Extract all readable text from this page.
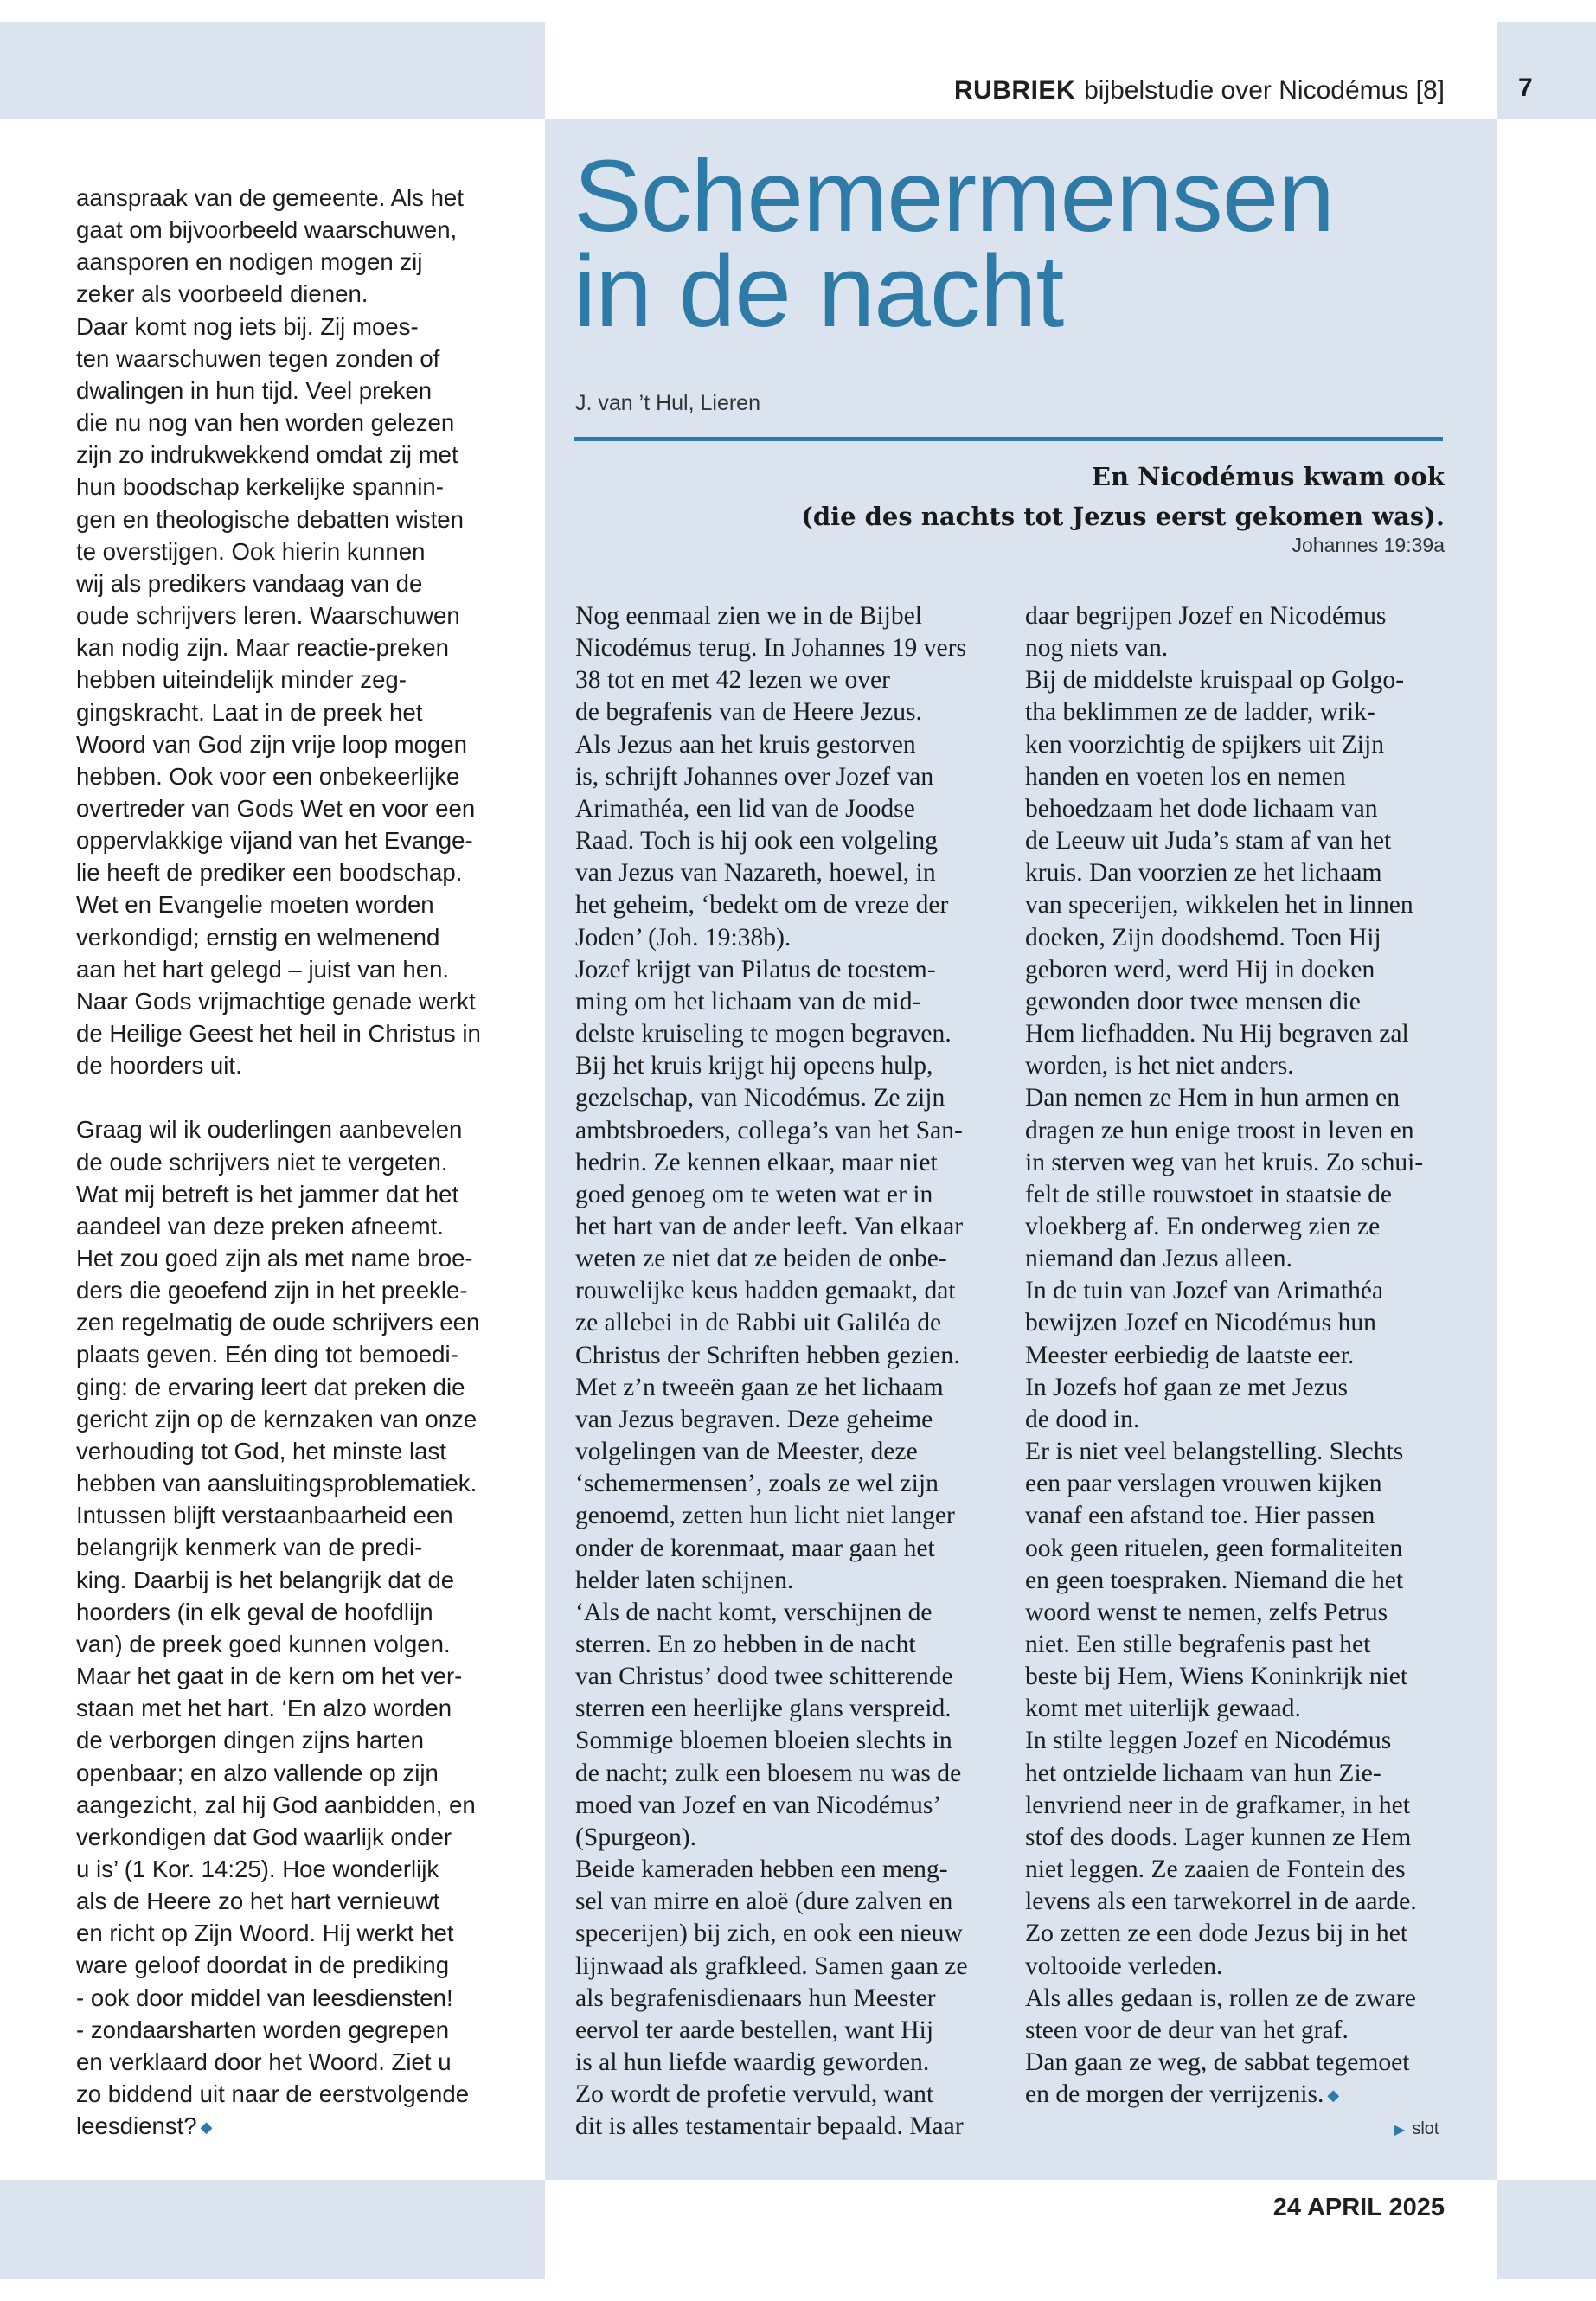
RUBRIEK bijbelstudie over Nicodémus [8]	7

aanspraak van de gemeente. Als het
gaat om bijvoorbeeld waarschuwen,
aansporen en nodigen mogen zij
zeker als voorbeeld dienen.
Daar komt nog iets bij. Zij moes-
ten waarschuwen tegen zonden of
dwalingen in hun tijd. Veel preken
die nu nog van hen worden gelezen
zijn zo indrukwekkend omdat zij met
hun boodschap kerkelijke spannin-
gen en theologische debatten wisten
te overstijgen. Ook hierin kunnen
wij als predikers vandaag van de
oude schrijvers leren. Waarschuwen
kan nodig zijn. Maar reactie-preken
hebben uiteindelijk minder zeg-
gingskracht. Laat in de preek het
Woord van God zijn vrije loop mogen
hebben. Ook voor een onbekeerlijke
overtreder van Gods Wet en voor een
oppervlakkige vijand van het Evange-
lie heeft de prediker een boodschap.
Wet en Evangelie moeten worden
verkondigd; ernstig en welmenend
aan het hart gelegd – juist van hen.
Naar Gods vrijmachtige genade werkt
de Heilige Geest het heil in Christus in
de hoorders uit.

Graag wil ik ouderlingen aanbevelen
de oude schrijvers niet te vergeten.
Wat mij betreft is het jammer dat het
aandeel van deze preken afneemt.
Het zou goed zijn als met name broe-
ders die geoefend zijn in het preekle-
zen regelmatig de oude schrijvers een
plaats geven. Eén ding tot bemoedi-
ging: de ervaring leert dat preken die
gericht zijn op de kernzaken van onze
verhouding tot God, het minste last
hebben van aansluitingsproblematiek.
Intussen blijft verstaanbaarheid een
belangrijk kenmerk van de predi-
king. Daarbij is het belangrijk dat de
hoorders (in elk geval de hoofdlijn
van) de preek goed kunnen volgen.
Maar het gaat in de kern om het ver-
staan met het hart. ‘En alzo worden
de verborgen dingen zijns harten
openbaar; en alzo vallende op zijn
aangezicht, zal hij God aanbidden, en
verkondigen dat God waarlijk onder
u is’ (1 Kor. 14:25). Hoe wonderlijk
als de Heere zo het hart vernieuwt
en richt op Zijn Woord. Hij werkt het
ware geloof doordat in de prediking
- ook door middel van leesdiensten!
- zondaarsharten worden gegrepen
en verklaard door het Woord. Ziet u
zo biddend uit naar de eerstvolgende
leesdienst? ◆

Schemermensen
in de nacht
J. van ’t Hul, Lieren
En Nicodémus kwam ook
(die des nachts tot Jezus eerst gekomen was).
Johannes 19:39a
Nog eenmaal zien we in de Bijbel
Nicodémus terug. In Johannes 19 vers
38 tot en met 42 lezen we over
de begrafenis van de Heere Jezus.
Als Jezus aan het kruis gestorven
is, schrijft Johannes over Jozef van
Arimathéa, een lid van de Joodse
Raad. Toch is hij ook een volgeling
van Jezus van Nazareth, hoewel, in
het geheim, ‘bedekt om de vreze der
Joden’ (Joh. 19:38b).
Jozef krijgt van Pilatus de toestem-
ming om het lichaam van de mid-
delste kruiseling te mogen begraven.
Bij het kruis krijgt hij opeens hulp,
gezelschap, van Nicodémus. Ze zijn
ambtsbroeders, collega’s van het San-
hedrin. Ze kennen elkaar, maar niet
goed genoeg om te weten wat er in
het hart van de ander leeft. Van elkaar
weten ze niet dat ze beiden de onbe-
rouwelijke keus hadden gemaakt, dat
ze allebei in de Rabbi uit Galiléa de
Christus der Schriften hebben gezien.
Met z’n tweeën gaan ze het lichaam
van Jezus begraven. Deze geheime
volgelingen van de Meester, deze
‘schemermensen’, zoals ze wel zijn
genoemd, zetten hun licht niet langer
onder de korenmaat, maar gaan het
helder laten schijnen.
‘Als de nacht komt, verschijnen de
sterren. En zo hebben in de nacht
van Christus’ dood twee schitterende
sterren een heerlijke glans verspreid.
Sommige bloemen bloeien slechts in
de nacht; zulk een bloesem nu was de
moed van Jozef en van Nicodémus’
(Spurgeon).
Beide kameraden hebben een meng-
sel van mirre en aloë (dure zalven en
specerijen) bij zich, en ook een nieuw
lijnwaad als grafkleed. Samen gaan ze
als begrafenisdienaars hun Meester
eervol ter aarde bestellen, want Hij
is al hun liefde waardig geworden.
Zo wordt de profetie vervuld, want
dit is alles testamentair bepaald. Maar
daar begrijpen Jozef en Nicodémus
nog niets van.
Bij de middelste kruispaal op Golgo-
tha beklimmen ze de ladder, wrik-
ken voorzichtig de spijkers uit Zijn
handen en voeten los en nemen
behoedzaam het dode lichaam van
de Leeuw uit Juda’s stam af van het
kruis. Dan voorzien ze het lichaam
van specerijen, wikkelen het in linnen
doeken, Zijn doodshemd. Toen Hij
geboren werd, werd Hij in doeken
gewonden door twee mensen die
Hem liefhadden. Nu Hij begraven zal
worden, is het niet anders.
Dan nemen ze Hem in hun armen en
dragen ze hun enige troost in leven en
in sterven weg van het kruis. Zo schui-
felt de stille rouwstoet in staatsie de
vloekberg af. En onderweg zien ze
niemand dan Jezus alleen.
In de tuin van Jozef van Arimathéa
bewijzen Jozef en Nicodémus hun
Meester eerbiedig de laatste eer.
In Jozefs hof gaan ze met Jezus
de dood in.
Er is niet veel belangstelling. Slechts
een paar verslagen vrouwen kijken
vanaf een afstand toe. Hier passen
ook geen rituelen, geen formaliteiten
en geen toespraken. Niemand die het
woord wenst te nemen, zelfs Petrus
niet. Een stille begrafenis past het
beste bij Hem, Wiens Koninkrijk niet
komt met uiterlijk gewaad.
In stilte leggen Jozef en Nicodémus
het ontzielde lichaam van hun Zie-
lenvriend neer in de grafkamer, in het
stof des doods. Lager kunnen ze Hem
niet leggen. Ze zaaien de Fontein des
levens als een tarwekorrel in de aarde.
Zo zetten ze een dode Jezus bij in het
voltooide verleden.
Als alles gedaan is, rollen ze de zware
steen voor de deur van het graf.
Dan gaan ze weg, de sabbat tegemoet
en de morgen der verrijzenis. ◆
▶ slot
24 APRIL 2025
